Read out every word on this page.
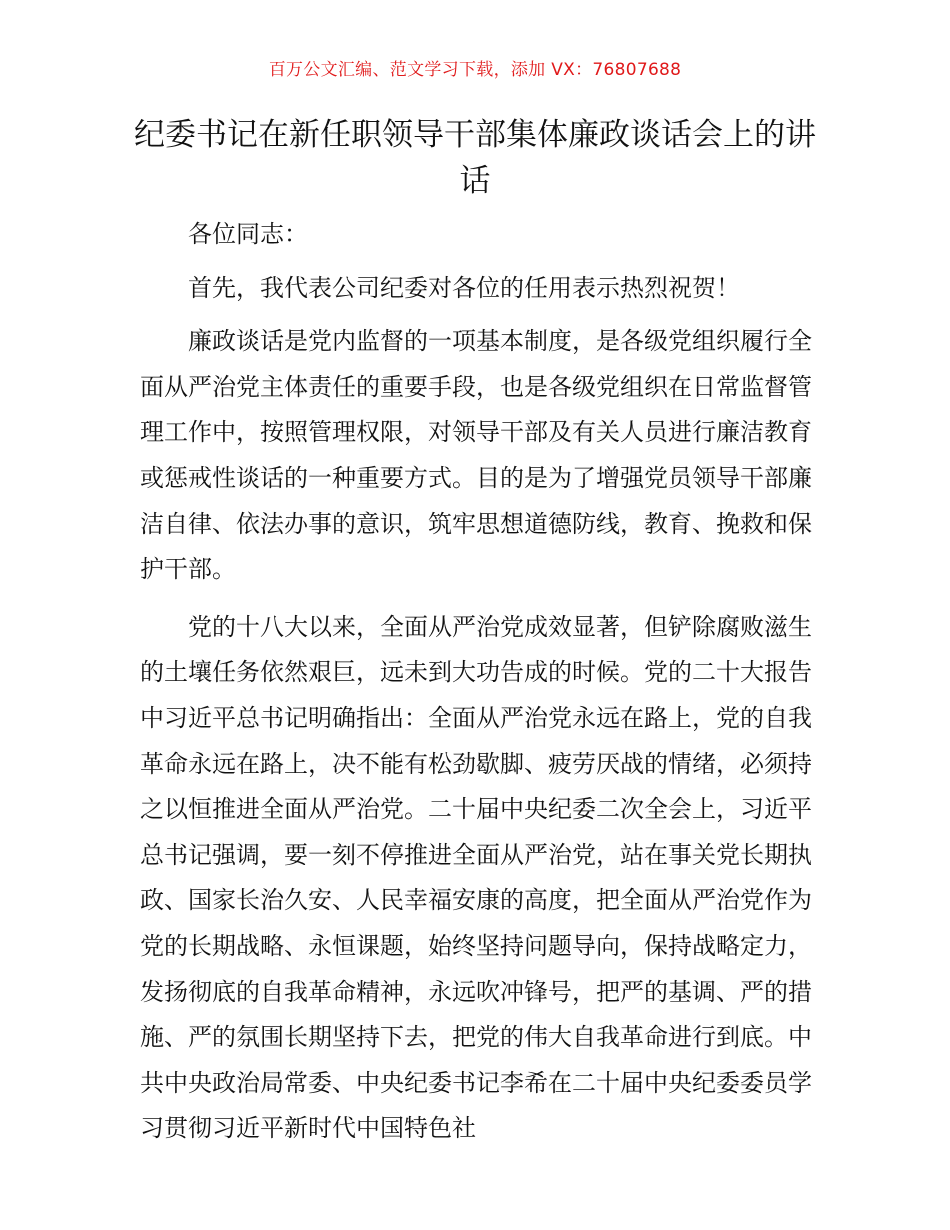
百万公文汇编、范文学习下载，添加 VX：76807688
纪委书记在新任职领导干部集体廉政谈话会上的讲话

各位同志：

首先，我代表公司纪委对各位的任用表示热烈祝贺！

廉政谈话是党内监督的一项基本制度，是各级党组织履行全面从严治党主体责任的重要手段，也是各级党组织在日常监督管理工作中，按照管理权限，对领导干部及有关人员进行廉洁教育或惩戒性谈话的一种重要方式。目的是为了增强党员领导干部廉洁自律、依法办事的意识，筑牢思想道德防线，教育、挽救和保护干部。

党的十八大以来，全面从严治党成效显著，但铲除腐败滋生的土壤任务依然艰巨，远未到大功告成的时候。党的二十大报告中习近平总书记明确指出：全面从严治党永远在路上，党的自我革命永远在路上，决不能有松劲歇脚、疲劳厌战的情绪，必须持之以恒推进全面从严治党。二十届中央纪委二次全会上，习近平总书记强调，要一刻不停推进全面从严治党，站在事关党长期执政、国家长治久安、人民幸福安康的高度，把全面从严治党作为党的长期战略、永恒课题，始终坚持问题导向，保持战略定力，发扬彻底的自我革命精神，永远吹冲锋号，把严的基调、严的措施、严的氛围长期坚持下去，把党的伟大自我革命进行到底。中共中央政治局常委、中央纪委书记李希在二十届中央纪委委员学习贯彻习近平新时代中国特色社
